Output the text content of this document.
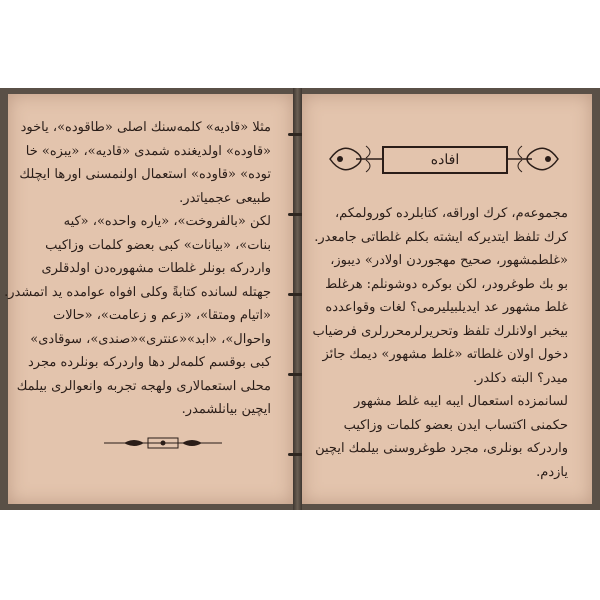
مثلا «قادیه» کلمه‌سنك اصلی «طاقوده»، یاخود
«قاوده» اولدیغنده شمدی «قادیه»، «یبزه» خا
توده» «قاوده» استعمال اولنمسنی اورها ایچلك
طبیعی عجمیاتدر.
لکن «بالفروخت»، «یاره واحده»، «کیه
بنات»، «بیانات» کبی بعضو کلمات وزاکیب
واردرکه بونلر غلطات مشهوره‌دن اولدقلری
جهتله لسانده کتابةً وکلی افواه عوامده ید اتمشدر.
«اتیام ومتقا»، «زعم و زعامت»، «حالات
واحوال»، «ابد»«عنتری»«صندی»، سوقادی»
کبی بوقسم کلمه‌لر دها واردرکه بونلرده مجرد
محلی استعمالاری ولهجه تجربه وانعوالری بیلمك
ایچین بیانلشمدر.
افاده
مجموعه‌م، کرك اوراقه، کتابلرده کورولمکم،
کرك تلفظ ایتدیرکه ایشته بکلم غلطاتی جامعدر.
«غلطمشهور، صحیح مهجوردن اولادر» دیبوز،
بو بك طوغرودر، لکن بوکره دوشونلم: هرغلط
غلط مشهور عد ایدیلبیلیرمی؟ لغات وقواعدده
بیخبر اولانلرك تلفظ وتحریرلرمحررلری فرضیاب
دخول اولان غلطاته «غلط مشهور» دیمك جائز
میدر؟ البته دکلدر.
لسانمزده استعمال ایبه ایبه غلط مشهور
حکمنی اکتساب ایدن بعضو کلمات وزاکیب
واردرکه بونلری، مجرد طوغروسنی بیلمك ایچین
یازدم.
